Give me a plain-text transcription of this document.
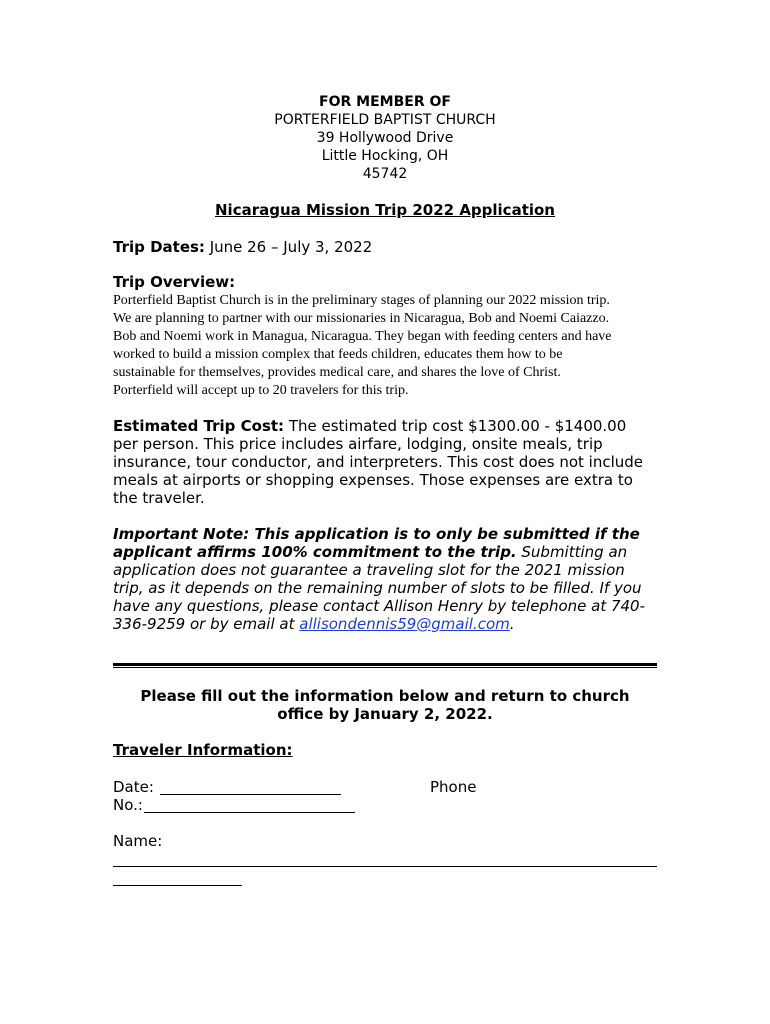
FOR MEMBER OF
PORTERFIELD BAPTIST CHURCH
39 Hollywood Drive
Little Hocking, OH
45742
Nicaragua Mission Trip 2022 Application
Trip Dates: June 26 – July 3, 2022
Trip Overview:
Porterfield Baptist Church is in the preliminary stages of planning our 2022 mission trip.
We are planning to partner with our missionaries in Nicaragua, Bob and Noemi Caiazzo.
Bob and Noemi work in Managua, Nicaragua. They began with feeding centers and have
worked to build a mission complex that feeds children, educates them how to be
sustainable for themselves, provides medical care, and shares the love of Christ.
Porterfield will accept up to 20 travelers for this trip.
Estimated Trip Cost: The estimated trip cost $1300.00 - $1400.00
per person. This price includes airfare, lodging, onsite meals, trip
insurance, tour conductor, and interpreters. This cost does not include
meals at airports or shopping expenses. Those expenses are extra to
the traveler.
Important Note: This application is to only be submitted if the
applicant affirms 100% commitment to the trip. Submitting an
application does not guarantee a traveling slot for the 2021 mission
trip, as it depends on the remaining number of slots to be filled. If you
have any questions, please contact Allison Henry by telephone at 740-
336-9259 or by email at allisondennis59@gmail.com.
Please fill out the information below and return to church
office by January 2, 2022.
Traveler Information:
Date:	Phone
No.:
Name:
